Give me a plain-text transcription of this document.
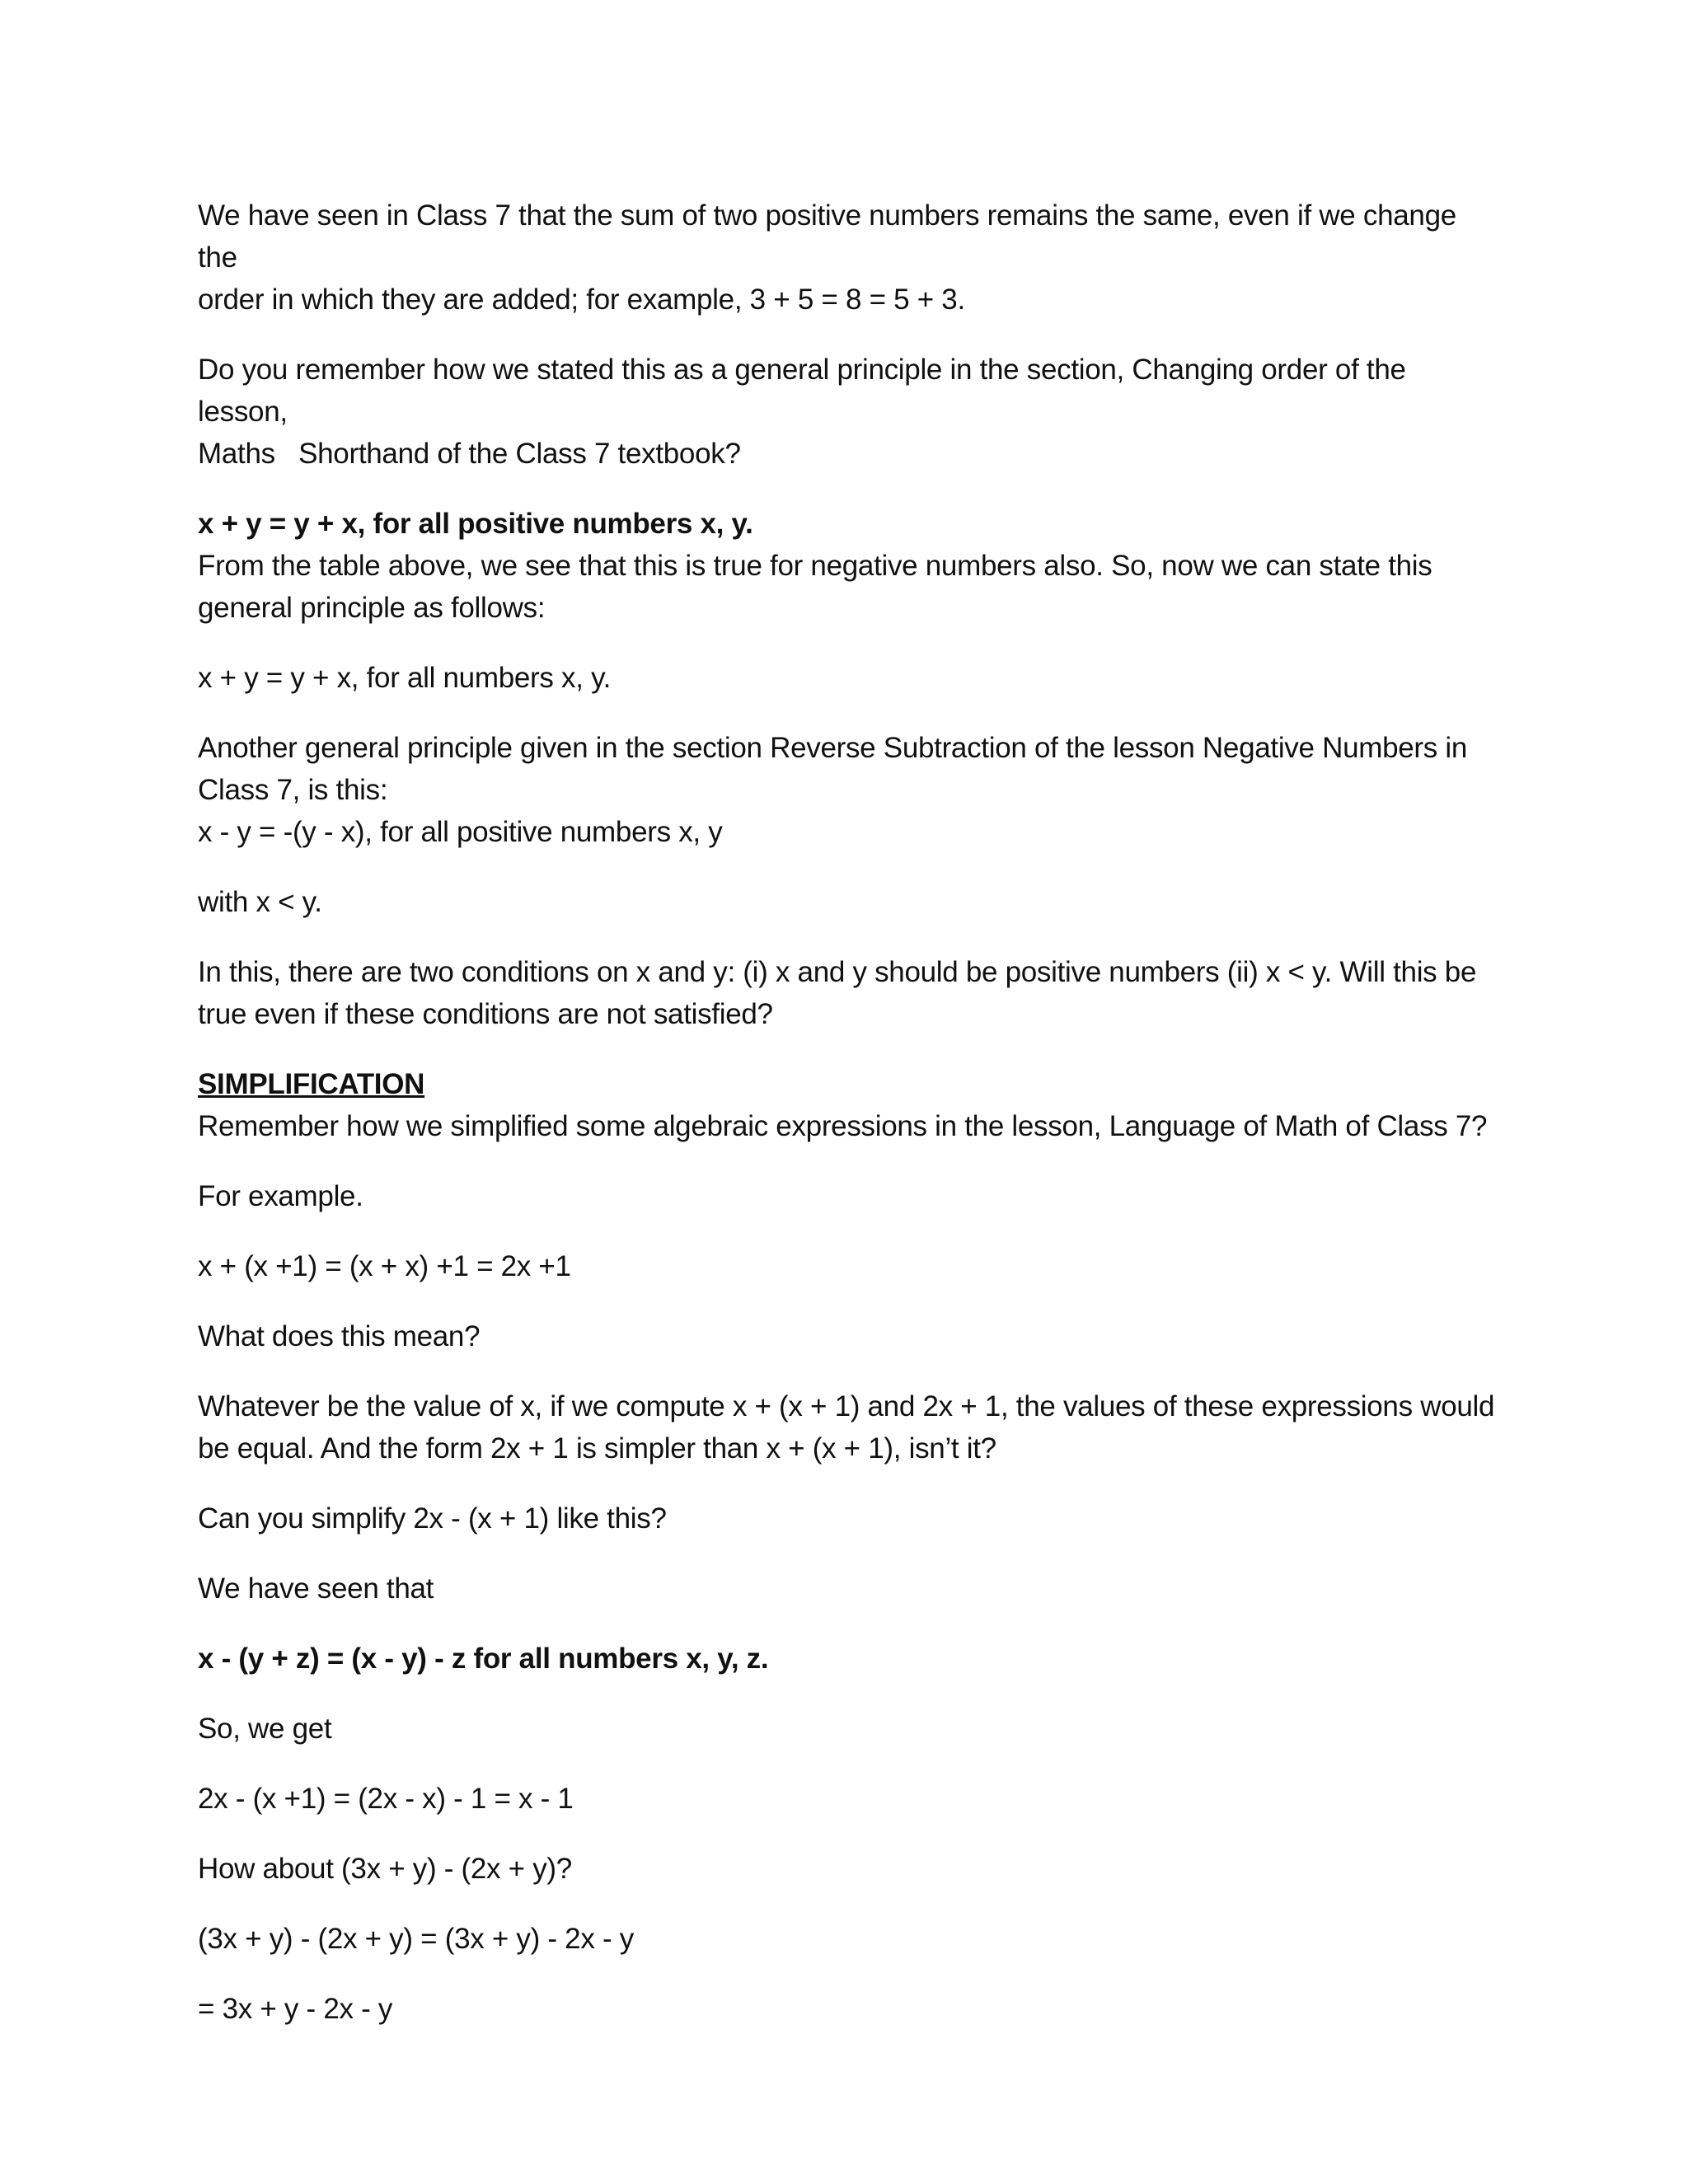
We have seen in Class 7 that the sum of two positive numbers remains the same, even if we change the
order in which they are added; for example, 3 + 5 = 8 = 5 + 3.

Do you remember how we stated this as a general principle in the section, Changing order of the lesson,
Maths   Shorthand of the Class 7 textbook?

x + y = y + x, for all positive numbers x, y.
From the table above, we see that this is true for negative numbers also. So, now we can state this
general principle as follows:

x + y = y + x, for all numbers x, y.

Another general principle given in the section Reverse Subtraction of the lesson Negative Numbers in
Class 7, is this:
x - y = -(y - x), for all positive numbers x, y

with x < y.

In this, there are two conditions on x and y: (i) x and y should be positive numbers (ii) x < y. Will this be
true even if these conditions are not satisfied?

SIMPLIFICATION
Remember how we simplified some algebraic expressions in the lesson, Language of Math of Class 7?

For example.

x + (x +1) = (x + x) +1 = 2x +1

What does this mean?

Whatever be the value of x, if we compute x + (x + 1) and 2x + 1, the values of these expressions would
be equal. And the form 2x + 1 is simpler than x + (x + 1), isn’t it?

Can you simplify 2x - (x + 1) like this?

We have seen that

x - (y + z) = (x - y) - z for all numbers x, y, z.

So, we get

2x - (x +1) = (2x - x) - 1 = x - 1

How about (3x + y) - (2x + y)?

(3x + y) - (2x + y) = (3x + y) - 2x - y

= 3x + y - 2x - y
